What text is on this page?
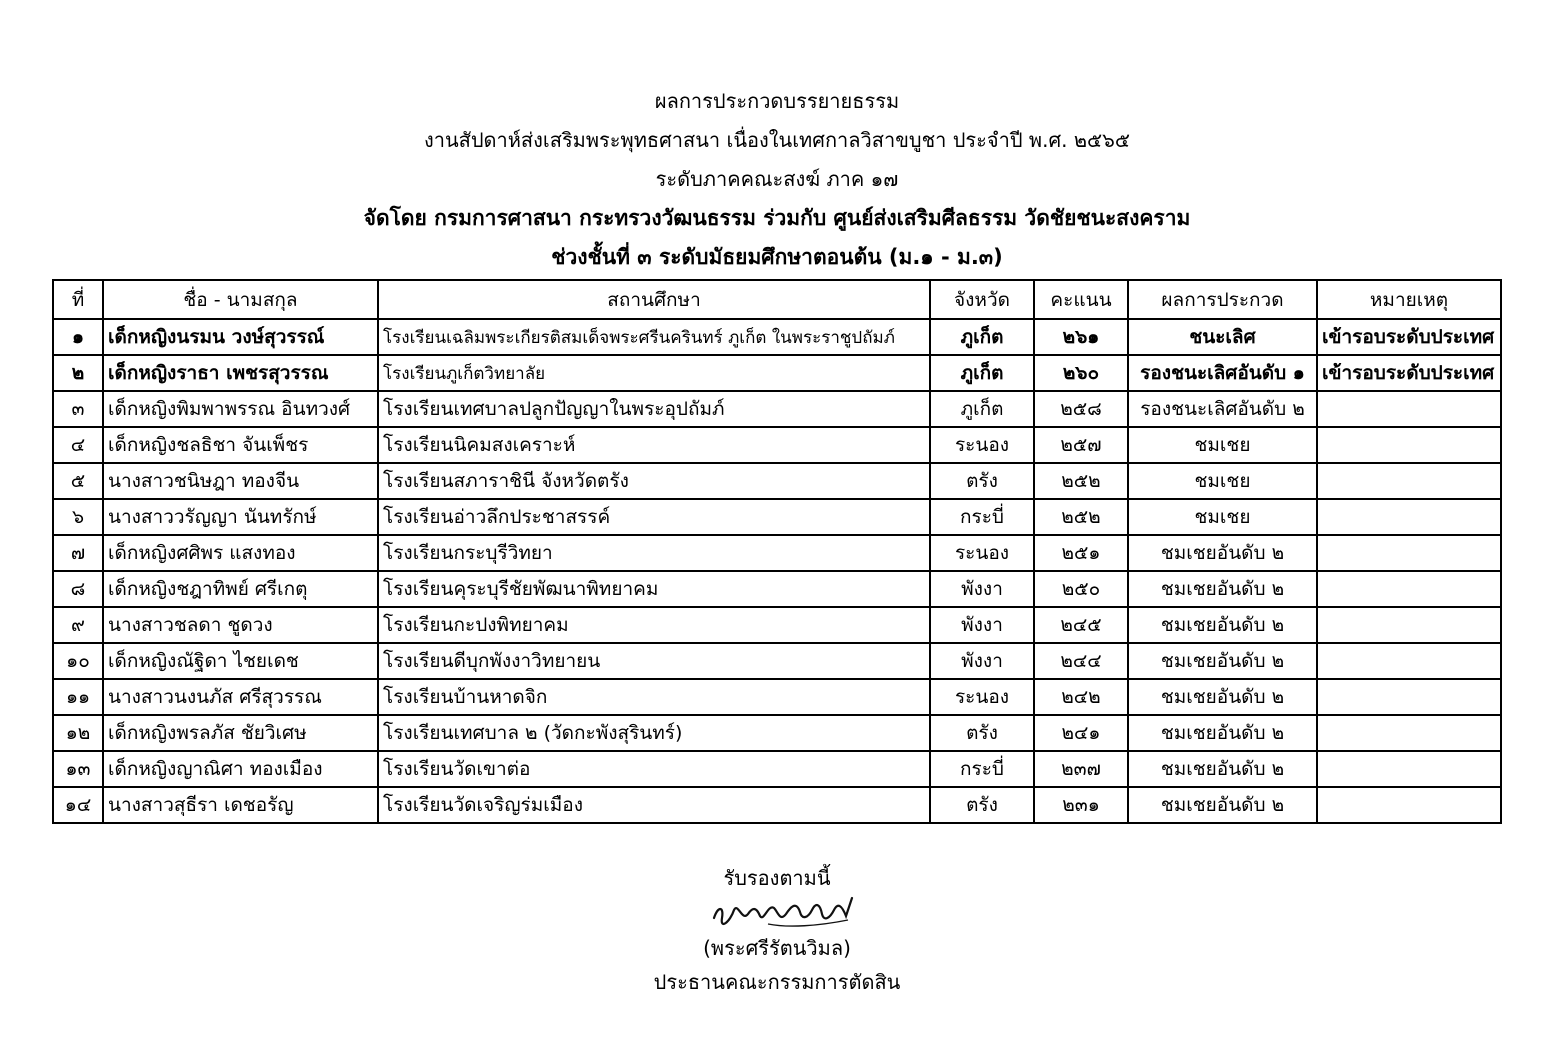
ผลการประกวดบรรยายธรรม
งานสัปดาห์ส่งเสริมพระพุทธศาสนา เนื่องในเทศกาลวิสาขบูชา ประจำปี พ.ศ. ๒๕๖๕
ระดับภาคคณะสงฆ์ ภาค ๑๗
จัดโดย กรมการศาสนา กระทรวงวัฒนธรรม ร่วมกับ ศูนย์ส่งเสริมศีลธรรม วัดชัยชนะสงคราม
ช่วงชั้นที่ ๓ ระดับมัธยมศึกษาตอนต้น (ม.๑ - ม.๓)
ที่	ชื่อ - นามสกุล	สถานศึกษา	จังหวัด	คะแนน	ผลการประกวด	หมายเหตุ
๑	เด็กหญิงนรมน วงษ์สุวรรณ์	โรงเรียนเฉลิมพระเกียรติสมเด็จพระศรีนครินทร์ ภูเก็ต ในพระราชูปถัมภ์	ภูเก็ต	๒๖๑	ชนะเลิศ	เข้ารอบระดับประเทศ
๒	เด็กหญิงราธา เพชรสุวรรณ	โรงเรียนภูเก็ตวิทยาลัย	ภูเก็ต	๒๖๐	รองชนะเลิศอันดับ ๑	เข้ารอบระดับประเทศ
๓	เด็กหญิงพิมพาพรรณ อินทวงศ์	โรงเรียนเทศบาลปลูกปัญญาในพระอุปถัมภ์	ภูเก็ต	๒๕๘	รองชนะเลิศอันดับ ๒	
๔	เด็กหญิงชลธิชา จันเพ็ชร	โรงเรียนนิคมสงเคราะห์	ระนอง	๒๕๗	ชมเชย	
๕	นางสาวชนิษฎา ทองจีน	โรงเรียนสภาราชินี จังหวัดตรัง	ตรัง	๒๕๒	ชมเชย	
๖	นางสาววรัญญา นันทรักษ์	โรงเรียนอ่าวลึกประชาสรรค์	กระบี่	๒๕๒	ชมเชย	
๗	เด็กหญิงศศิพร แสงทอง	โรงเรียนกระบุรีวิทยา	ระนอง	๒๕๑	ชมเชยอันดับ ๒	
๘	เด็กหญิงชฎาทิพย์ ศรีเกตุ	โรงเรียนคุระบุรีชัยพัฒนาพิทยาคม	พังงา	๒๕๐	ชมเชยอันดับ ๒	
๙	นางสาวชลดา ชูดวง	โรงเรียนกะปงพิทยาคม	พังงา	๒๔๕	ชมเชยอันดับ ๒	
๑๐	เด็กหญิงณัฐิดา ไชยเดช	โรงเรียนดีบุกพังงาวิทยายน	พังงา	๒๔๔	ชมเชยอันดับ ๒	
๑๑	นางสาวนงนภัส ศรีสุวรรณ	โรงเรียนบ้านหาดจิก	ระนอง	๒๔๒	ชมเชยอันดับ ๒	
๑๒	เด็กหญิงพรลภัส ชัยวิเศษ	โรงเรียนเทศบาล ๒ (วัดกะพังสุรินทร์)	ตรัง	๒๔๑	ชมเชยอันดับ ๒	
๑๓	เด็กหญิงญาณิศา ทองเมือง	โรงเรียนวัดเขาต่อ	กระบี่	๒๓๗	ชมเชยอันดับ ๒	
๑๔	นางสาวสุธีรา เดชอรัญ	โรงเรียนวัดเจริญร่มเมือง	ตรัง	๒๓๑	ชมเชยอันดับ ๒	
รับรองตามนี้
(พระศรีรัตนวิมล)
ประธานคณะกรรมการตัดสิน
